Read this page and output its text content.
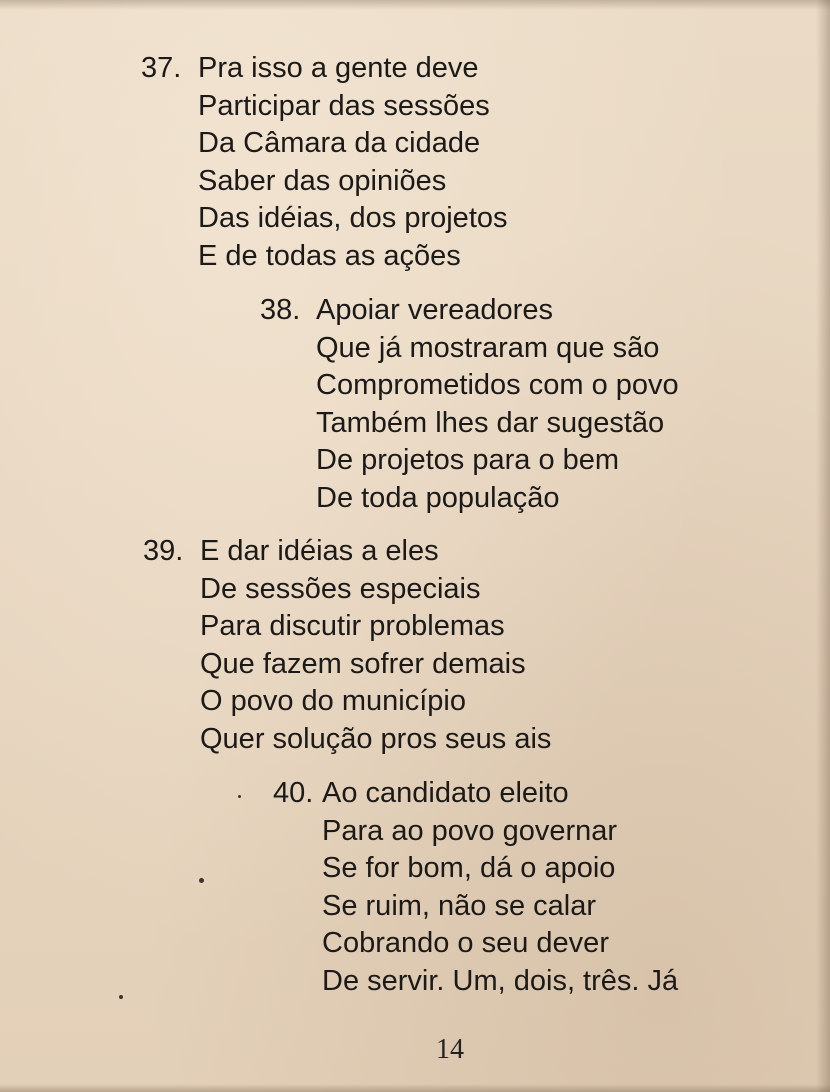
37. Pra isso a gente deve
Participar das sessões
Da Câmara da cidade
Saber das opiniões
Das idéias, dos projetos
E de todas as ações
38. Apoiar vereadores
Que já mostraram que são
Comprometidos com o povo
Também lhes dar sugestão
De projetos para o bem
De toda população
39. E dar idéias a eles
De sessões especiais
Para discutir problemas
Que fazem sofrer demais
O povo do município
Quer solução pros seus ais
40. Ao candidato eleito
Para ao povo governar
Se for bom, dá o apoio
Se ruim, não se calar
Cobrando o seu dever
De servir. Um, dois, três. Já
14
